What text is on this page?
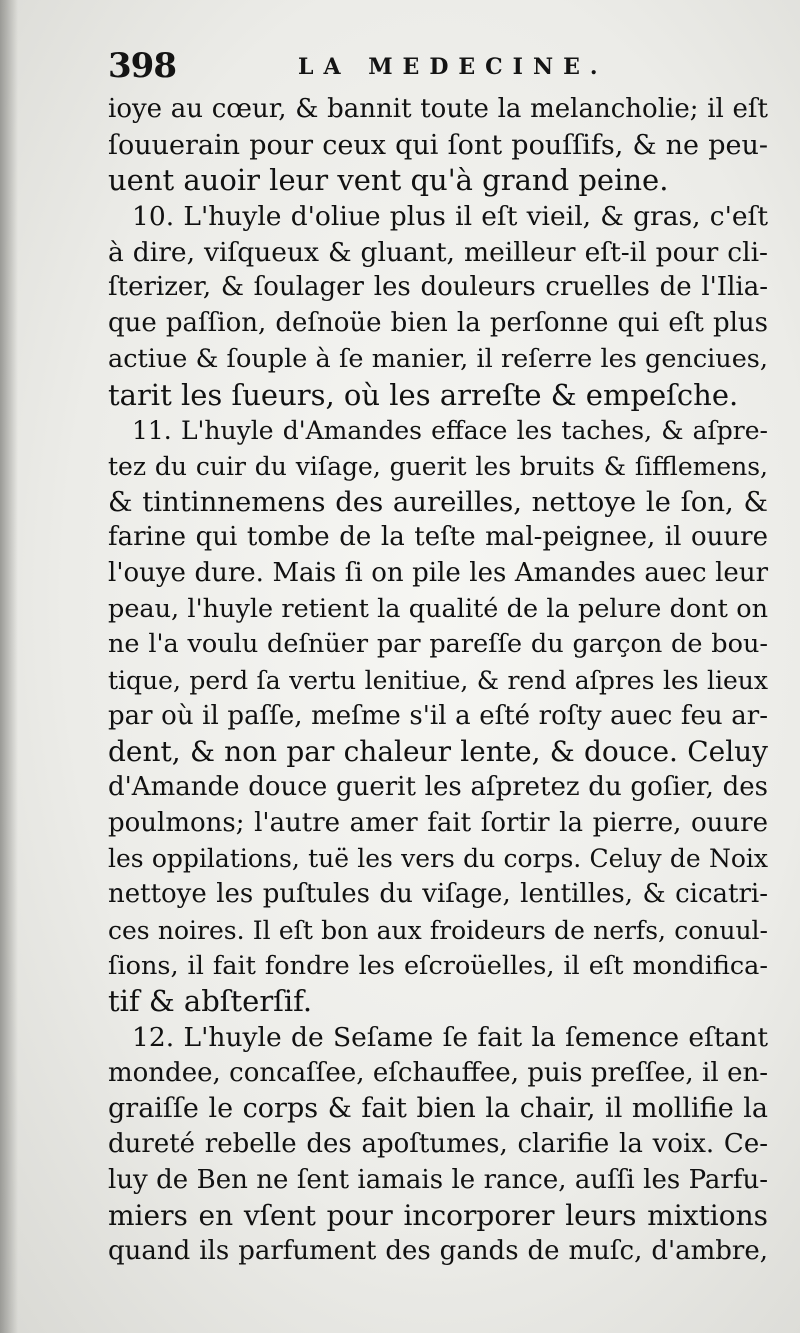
398	LA MEDECINE.
ioye au cœur, & bannit toute la melancholie; il eſt
ſouuerain pour ceux qui ſont pouſſifs, & ne peu-
uent auoir leur vent qu'à grand peine.
10. L'huyle d'oliue plus il eſt vieil, & gras, c'eſt
à dire, viſqueux & gluant, meilleur eſt-il pour cli-
ſterizer, & ſoulager les douleurs cruelles de l'Ilia-
que paſſion, deſnoüe bien la perſonne qui eſt plus
actiue & ſouple à ſe manier, il reſerre les genciues,
tarit les ſueurs, où les arreſte & empeſche.
11. L'huyle d'Amandes efface les taches, & aſpre-
tez du cuir du viſage, guerit les bruits & ſifflemens,
& tintinnemens des aureilles, nettoye le ſon, &
farine qui tombe de la teſte mal-peignee, il ouure
l'ouye dure. Mais ſi on pile les Amandes auec leur
peau, l'huyle retient la qualité de la pelure dont on
ne l'a voulu deſnüer par pareſſe du garçon de bou-
tique, perd ſa vertu lenitiue, & rend aſpres les lieux
par où il paſſe, meſme s'il a eſté roſty auec feu ar-
dent, & non par chaleur lente, & douce. Celuy
d'Amande douce guerit les aſpretez du goſier, des
poulmons; l'autre amer fait ſortir la pierre, ouure
les oppilations, tuë les vers du corps. Celuy de Noix
nettoye les puſtules du viſage, lentilles, & cicatri-
ces noires. Il eſt bon aux froideurs de nerfs, conuul-
ſions, il fait fondre les eſcroüelles, il eſt mondifica-
tif & abſterſif.
12. L'huyle de Seſame ſe fait la ſemence eſtant
mondee, concaſſee, eſchauffee, puis preſſee, il en-
graiſſe le corps & fait bien la chair, il mollifie la
dureté rebelle des apoſtumes, clarifie la voix. Ce-
luy de Ben ne ſent iamais le rance, auſſi les Parfu-
miers en vſent pour incorporer leurs mixtions
quand ils parfument des gands de muſc, d'ambre,
